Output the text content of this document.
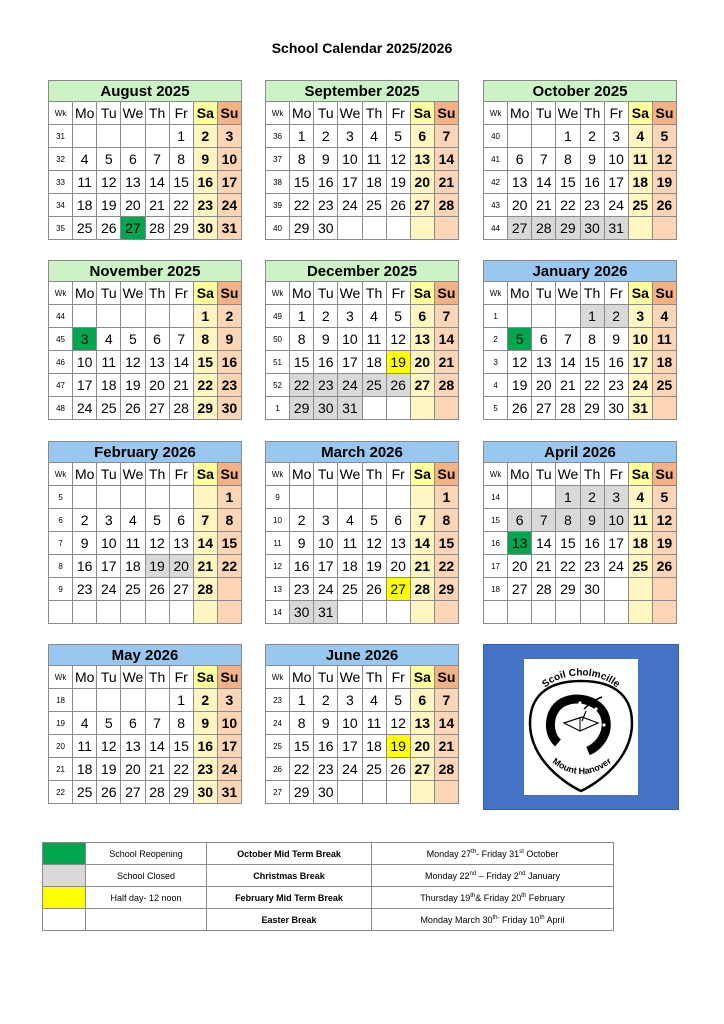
School Calendar 2025/2026
August 2025							
Wk	Mo	Tu	We	Th	Fr	Sa	Su
31					1	2	3
32	4	5	6	7	8	9	10
33	11	12	13	14	15	16	17
34	18	19	20	21	22	23	24
35	25	26	27	28	29	30	31
September 2025							
Wk	Mo	Tu	We	Th	Fr	Sa	Su
36	1	2	3	4	5	6	7
37	8	9	10	11	12	13	14
38	15	16	17	18	19	20	21
39	22	23	24	25	26	27	28
40	29	30					
October 2025							
Wk	Mo	Tu	We	Th	Fr	Sa	Su
40			1	2	3	4	5
41	6	7	8	9	10	11	12
42	13	14	15	16	17	18	19
43	20	21	22	23	24	25	26
44	27	28	29	30	31		
November 2025							
Wk	Mo	Tu	We	Th	Fr	Sa	Su
44						1	2
45	3	4	5	6	7	8	9
46	10	11	12	13	14	15	16
47	17	18	19	20	21	22	23
48	24	25	26	27	28	29	30
December 2025							
Wk	Mo	Tu	We	Th	Fr	Sa	Su
49	1	2	3	4	5	6	7
50	8	9	10	11	12	13	14
51	15	16	17	18	19	20	21
52	22	23	24	25	26	27	28
1	29	30	31				
January 2026							
Wk	Mo	Tu	We	Th	Fr	Sa	Su
1				1	2	3	4
2	5	6	7	8	9	10	11
3	12	13	14	15	16	17	18
4	19	20	21	22	23	24	25
5	26	27	28	29	30	31	
February 2026							
Wk	Mo	Tu	We	Th	Fr	Sa	Su
5							1
6	2	3	4	5	6	7	8
7	9	10	11	12	13	14	15
8	16	17	18	19	20	21	22
9	23	24	25	26	27	28	

March 2026							
Wk	Mo	Tu	We	Th	Fr	Sa	Su
9							1
10	2	3	4	5	6	7	8
11	9	10	11	12	13	14	15
12	16	17	18	19	20	21	22
13	23	24	25	26	27	28	29
14	30	31					
April 2026							
Wk	Mo	Tu	We	Th	Fr	Sa	Su
14			1	2	3	4	5
15	6	7	8	9	10	11	12
16	13	14	15	16	17	18	19
17	20	21	22	23	24	25	26
18	27	28	29	30			

May 2026							
Wk	Mo	Tu	We	Th	Fr	Sa	Su
18					1	2	3
19	4	5	6	7	8	9	10
20	11	12	13	14	15	16	17
21	18	19	20	21	22	23	24
22	25	26	27	28	29	30	31
June 2026							
Wk	Mo	Tu	We	Th	Fr	Sa	Su
23	1	2	3	4	5	6	7
24	8	9	10	11	12	13	14
25	15	16	17	18	19	20	21
26	22	23	24	25	26	27	28
27	29	30					
Scoil Cholmcille
Mount Hanover
	School Reopening	October Mid Term Break	Monday 27th- Friday 31st October
	School Closed	Christmas Break	Monday 22nd – Friday 2nd January
	Half day- 12 noon	February Mid Term Break	Thursday 19th& Friday 20th February
		Easter Break	Monday March $30^{th-}$ Friday 10th April
